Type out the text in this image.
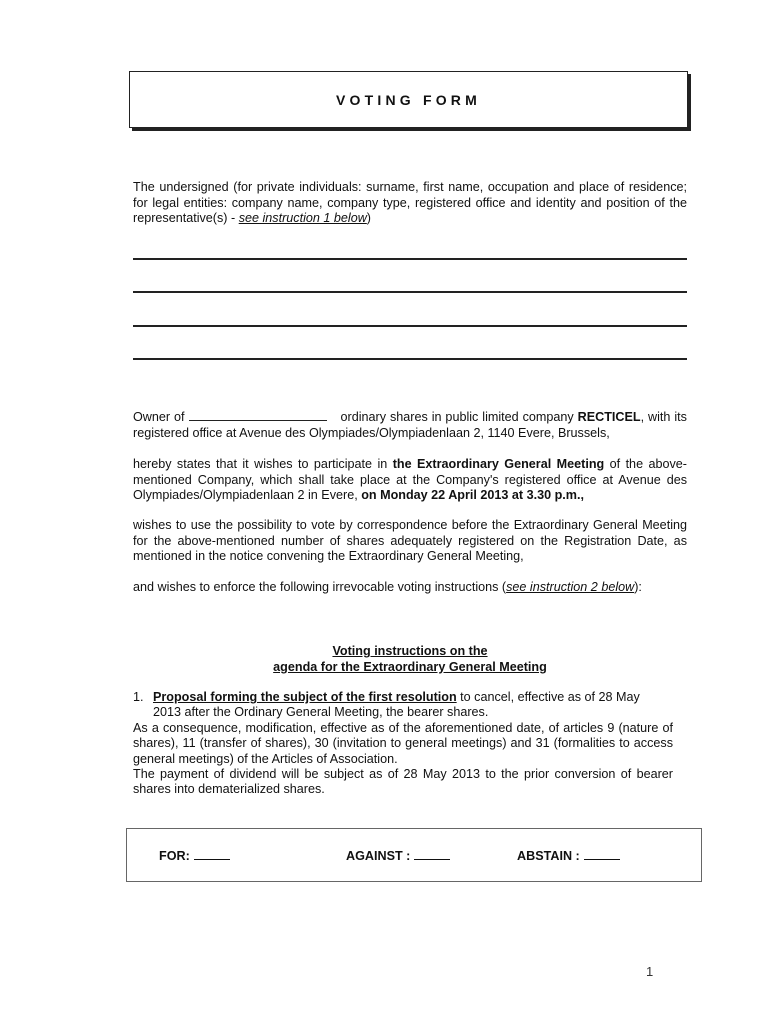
VOTING FORM
The undersigned (for private individuals: surname, first name, occupation and place of residence; for legal entities: company name, company type, registered office and identity and position of the representative(s) - see instruction 1 below)
Owner of	ordinary shares in public limited company RECTICEL, with its registered office at Avenue des Olympiades/Olympiadenlaan 2, 1140 Evere, Brussels,
hereby states that it wishes to participate in the Extraordinary General Meeting of the above-mentioned Company, which shall take place at the Company's registered office at Avenue des Olympiades/Olympiadenlaan 2 in Evere, on Monday 22 April 2013 at 3.30 p.m.,
wishes to use the possibility to vote by correspondence before the Extraordinary General Meeting for the above-mentioned number of shares adequately registered on the Registration Date, as mentioned in the notice convening the Extraordinary General Meeting,
and wishes to enforce the following irrevocable voting instructions (see instruction 2 below):
Voting instructions on the
agenda for the Extraordinary General Meeting
1. Proposal forming the subject of the first resolution to cancel, effective as of 28 May
2013 after the Ordinary General Meeting, the bearer shares.
As a consequence, modification, effective as of the aforementioned date, of articles 9 (nature of shares), 11 (transfer of shares), 30 (invitation to general meetings) and 31 (formalities to access general meetings) of the Articles of Association.
The payment of dividend will be subject as of 28 May 2013 to the prior conversion of bearer shares into dematerialized shares.
FOR:	AGAINST :	ABSTAIN :
1
